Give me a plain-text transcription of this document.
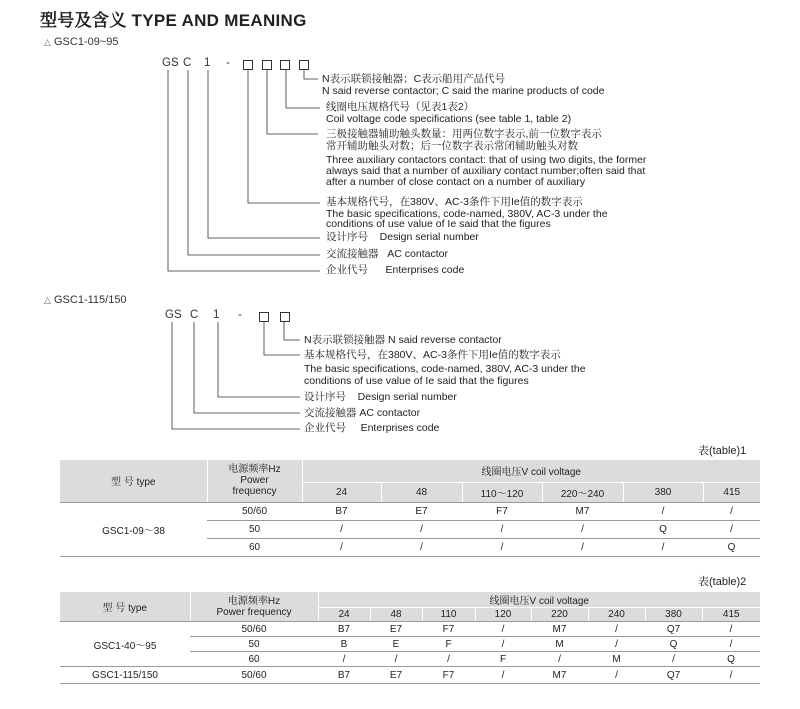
型号及含义 TYPE AND MEANING
△ GSC1-09~95
GS C 1 -
N表示联锁接触器；C表示船用产品代号
N said reverse contactor; C said the marine products of code
线圈电压规格代号（见表1表2）
Coil voltage code specifications (see table 1, table 2)
三极接触器辅助触头数量：用两位数字表示,前一位数字表示
常开辅助触头对数；后一位数字表示常闭辅助触头对数
Three auxiliary contactors contact: that of using two digits, the former
always said that a number of auxiliary contact number;often said that
after a number of close contact on a number of auxiliary
基本规格代号，在380V、AC-3条件下用Ie值的数字表示
The basic specifications, code-named, 380V, AC-3 under the
conditions of use value of Ie said that the figures
设计序号 Design serial number
交流接触器 AC contactor
企业代号 Enterprises code
△ GSC1-115/150
GS C 1 -
N表示联锁接触器 N said reverse contactor
基本规格代号，在380V、AC-3条件下用Ie值的数字表示
The basic specifications, code-named, 380V, AC-3 under the
conditions of use value of Ie said that the figures
设计序号 Design serial number
交流接触器 AC contactor
企业代号 Enterprises code
表(table)1
型 号 type	电源频率Hz
Power
frequency	线圈电压V coil voltage					
		24	48	110～120	220～240	380	415
GSC1-09～38	50/60	B7	E7	F7	M7	/	/
	50	/	/	/	/	Q	/
	60	/	/	/	/	/	Q
表(table)2
型 号 type	电源频率Hz
Power frequency	线圈电压V coil voltage							
		24	48	110	120	220	240	380	415
GSC1-40～95	50/60	B7	E7	F7	/	M7	/	Q7	/
	50	B	E	F	/	M	/	Q	/
	60	/	/	/	F	/	M	/	Q
GSC1-115/150	50/60	B7	E7	F7	/	M7	/	Q7	/
